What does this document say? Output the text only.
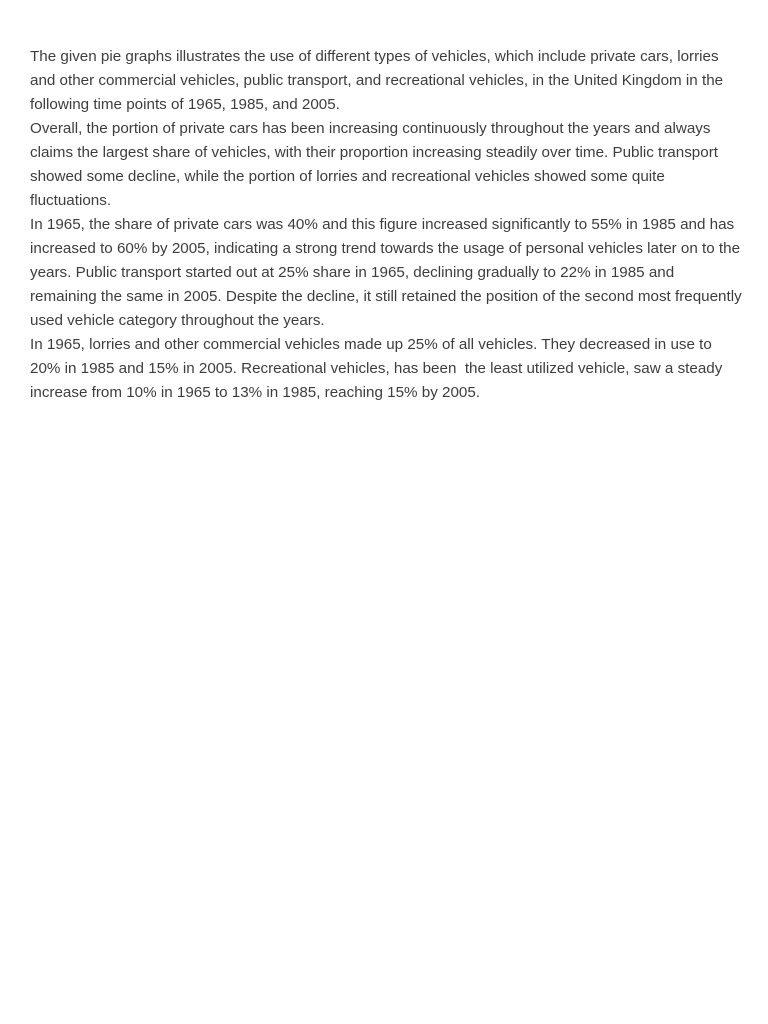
The given pie graphs illustrates the use of different types of vehicles, which include private cars, lorries and other commercial vehicles, public transport, and recreational vehicles, in the United Kingdom in the following time points of 1965, 1985, and 2005.

Overall, the portion of private cars has been increasing continuously throughout the years and always claims the largest share of vehicles, with their proportion increasing steadily over time. Public transport showed some decline, while the portion of lorries and recreational vehicles showed some quite fluctuations.

In 1965, the share of private cars was 40% and this figure increased significantly to 55% in 1985 and has increased to 60% by 2005, indicating a strong trend towards the usage of personal vehicles later on to the years. Public transport started out at 25% share in 1965, declining gradually to 22% in 1985 and remaining the same in 2005. Despite the decline, it still retained the position of the second most frequently used vehicle category throughout the years.

In 1965, lorries and other commercial vehicles made up 25% of all vehicles. They decreased in use to 20% in 1985 and 15% in 2005. Recreational vehicles, has been  the least utilized vehicle, saw a steady increase from 10% in 1965 to 13% in 1985, reaching 15% by 2005.
